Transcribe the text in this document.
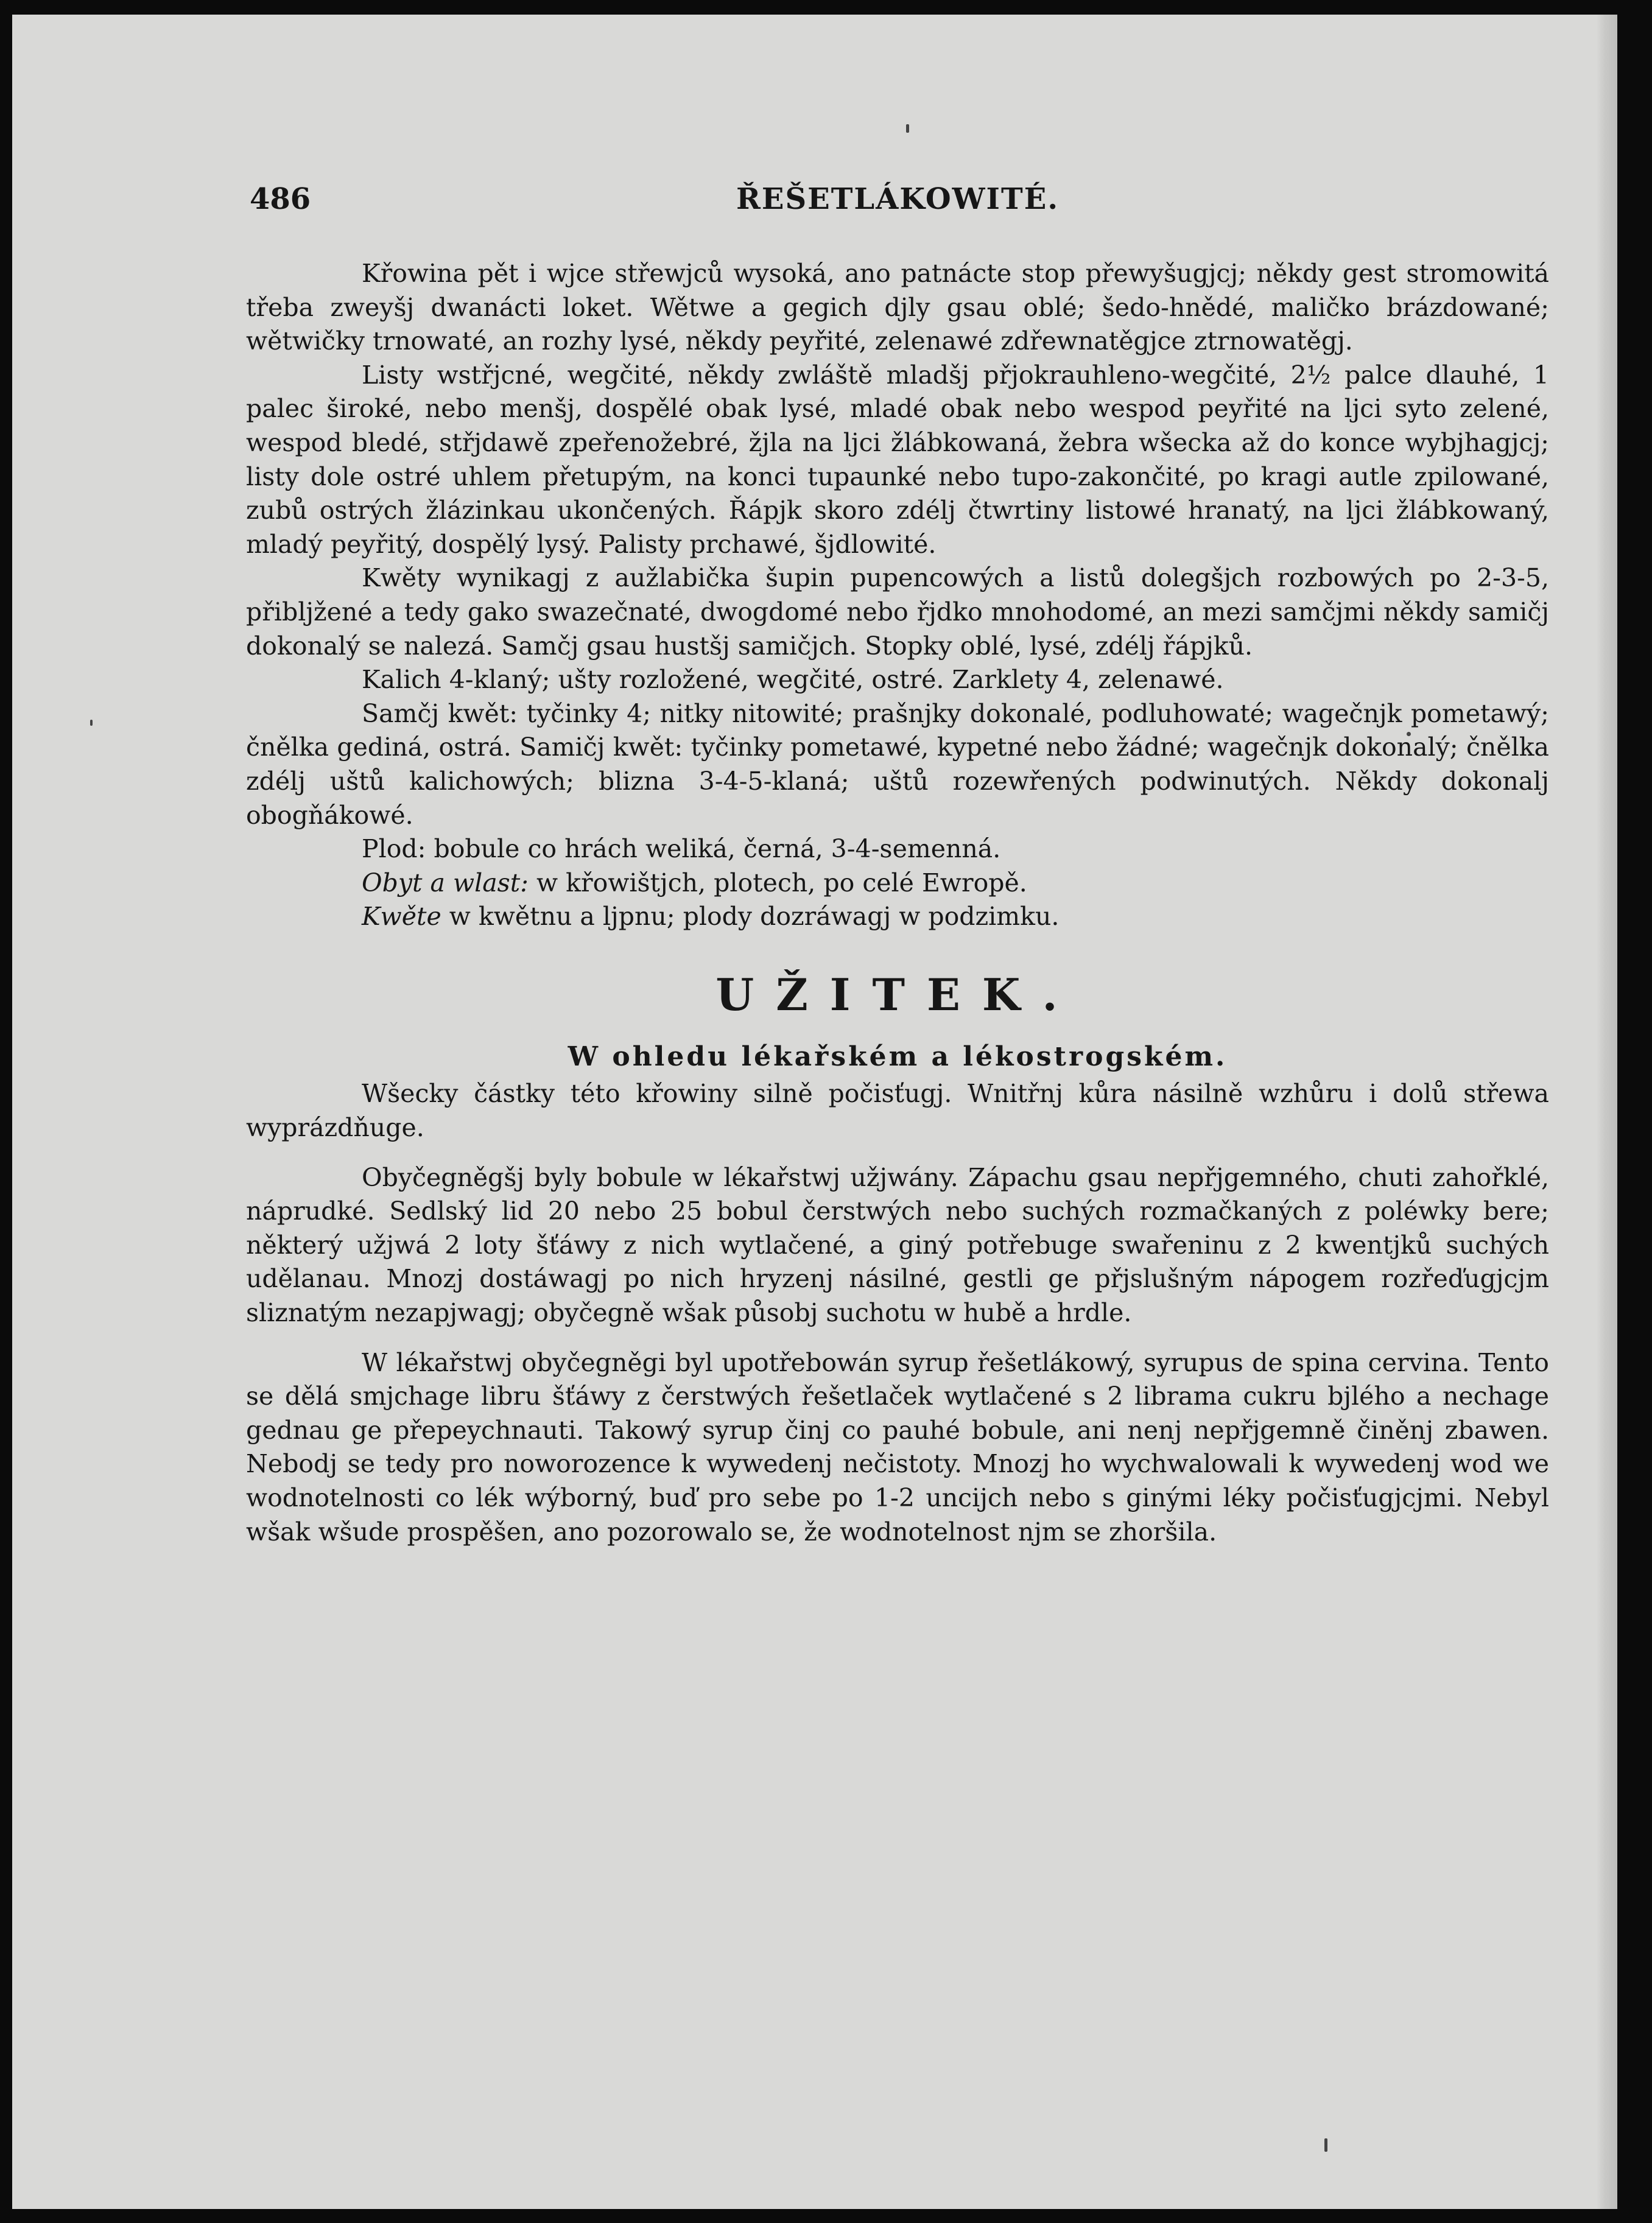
486	ŘEŠETLÁKOWITÉ.

Křowina pět i wjce střewjců wysoká, ano patnácte stop přewyšugjcj; někdy gest stromowitá třeba zweyšj dwanácti loket. Wětwe a gegich djly gsau oblé; šedo-hnědé, maličko brázdowané; wětwičky trnowaté, an rozhy lysé, někdy peyřité, zelenawé zdřewnatěgjce ztrnowatěgj.

Listy wstřjcné, wegčité, někdy zwláště mladšj přjokrauhleno-wegčité, 2½ palce dlauhé, 1 palec široké, nebo menšj, dospělé obak lysé, mladé obak nebo wespod peyřité na ljci syto zelené, wespod bledé, střjdawě zpeřenožebré, žjla na ljci žlábkowaná, žebra wšecka až do konce wybjhagjcj; listy dole ostré uhlem přetupým, na konci tupaunké nebo tupo-zakončité, po kragi autle zpilowané, zubů ostrých žlázinkau ukončených. Řápjk skoro zdélj čtwrtiny listowé hranatý, na ljci žlábkowaný, mladý peyřitý, dospělý lysý. Palisty prchawé, šjdlowité.

Kwěty wynikagj z aužlabička šupin pupencowých a listů dolegšjch rozbowých po 2-3-5, přibljžené a tedy gako swazečnaté, dwogdomé nebo řjdko mnohodomé, an mezi samčjmi někdy samičj dokonalý se nalezá. Samčj gsau hustšj samičjch. Stopky oblé, lysé, zdélj řápjků.

Kalich 4-klaný; ušty rozložené, wegčité, ostré. Zarklety 4, zelenawé.

Samčj kwět: tyčinky 4; nitky nitowité; prašnjky dokonalé, podluhowaté; wagečnjk pometawý; čnělka gediná, ostrá. Samičj kwět: tyčinky pometawé, kypetné nebo žádné; wagečnjk dokonalý; čnělka zdélj uštů kalichowých; blizna 3-4-5-klaná; uštů rozewřených podwinutých. Někdy dokonalj obogňákowé.

Plod: bobule co hrách weliká, černá, 3-4-semenná.

Obyt a wlast: w křowištjch, plotech, po celé Ewropě.

Kwěte w kwětnu a ljpnu; plody dozráwagj w podzimku.

UŽITEK.
W ohledu lékařském a lékostrogském.

Wšecky částky této křowiny silně počisťugj. Wnitřnj kůra násilně wzhůru i dolů střewa wyprázdňuge.

Obyčegněgšj byly bobule w lékařstwj užjwány. Zápachu gsau nepřjgemného, chuti zahořklé, náprudké. Sedlský lid 20 nebo 25 bobul čerstwých nebo suchých rozmačkaných z poléwky bere; některý užjwá 2 loty šťáwy z nich wytlačené, a giný potřebuge swařeninu z 2 kwentjků suchých udělanau. Mnozj dostáwagj po nich hryzenj násilné, gestli ge přjslušným nápogem rozřeďugjcjm sliznatým nezapjwagj; obyčegně wšak působj suchotu w hubě a hrdle.

W lékařstwj obyčegněgi byl upotřebowán syrup řešetlákowý, syrupus de spina cervina. Tento se dělá smjchage libru šťáwy z čerstwých řešetlaček wytlačené s 2 librama cukru bjlého a nechage gednau ge přepeychnauti. Takowý syrup činj co pauhé bobule, ani nenj nepřjgemně činěnj zbawen. Nebodj se tedy pro noworozence k wywedenj nečistoty. Mnozj ho wychwalowali k wywedenj wod we wodnotelnosti co lék wýborný, buď pro sebe po 1-2 uncijch nebo s ginými léky počisťugjcjmi. Nebyl wšak wšude prospěšen, ano pozorowalo se, že wodnotelnost njm se zhoršila.
